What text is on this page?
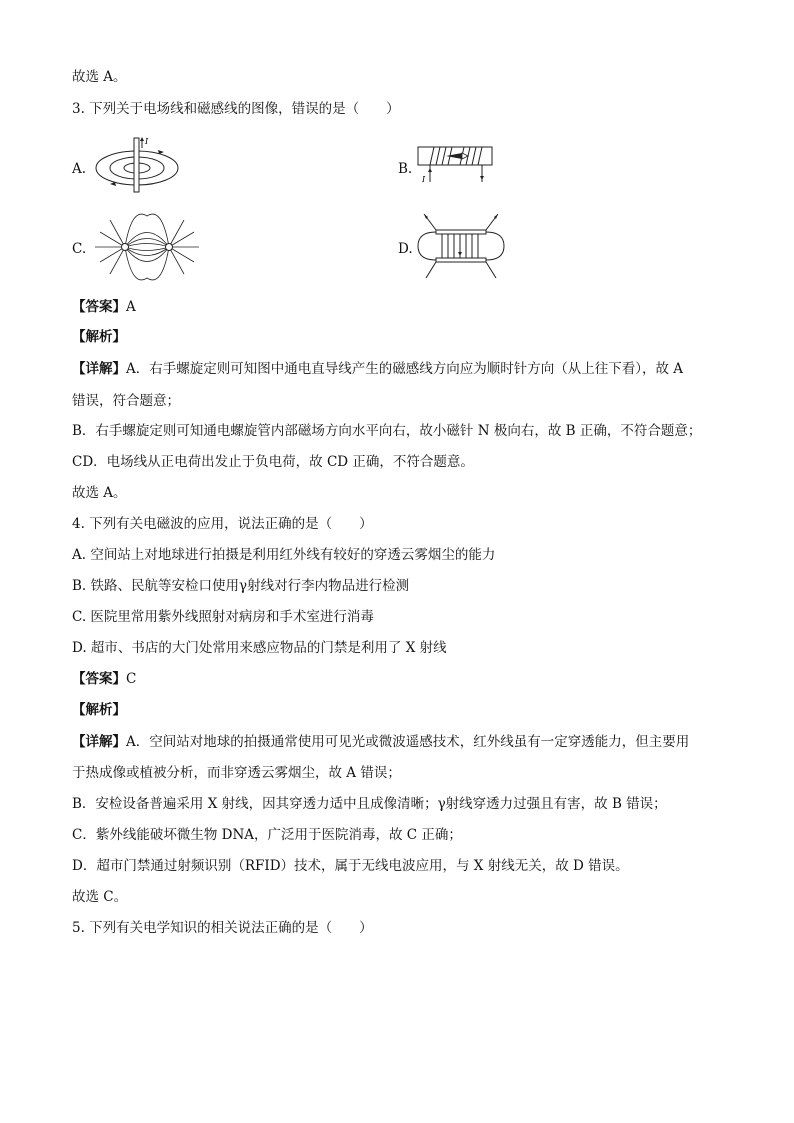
故选 A。
3. 下列关于电场线和磁感线的图像，错误的是（　　）
A.
I
B.
I
C.	D.
【答案】A
【解析】
【详解】A．右手螺旋定则可知图中通电直导线产生的磁感线方向应为顺时针方向（从上往下看），故 A
错误，符合题意；
B．右手螺旋定则可知通电螺旋管内部磁场方向水平向右，故小磁针 N 极向右，故 B 正确，不符合题意；
CD．电场线从正电荷出发止于负电荷，故 CD 正确，不符合题意。
故选 A。
4. 下列有关电磁波的应用，说法正确的是（　　）
A. 空间站上对地球进行拍摄是利用红外线有较好的穿透云雾烟尘的能力
B. 铁路、民航等安检口使用γ射线对行李内物品进行检测
C. 医院里常用紫外线照射对病房和手术室进行消毒
D. 超市、书店的大门处常用来感应物品的门禁是利用了 X 射线
【答案】C
【解析】
【详解】A．空间站对地球的拍摄通常使用可见光或微波遥感技术，红外线虽有一定穿透能力，但主要用
于热成像或植被分析，而非穿透云雾烟尘，故 A 错误；
B．安检设备普遍采用 X 射线，因其穿透力适中且成像清晰；γ射线穿透力过强且有害，故 B 错误；
C．紫外线能破坏微生物 DNA，广泛用于医院消毒，故 C 正确；
D．超市门禁通过射频识别（RFID）技术，属于无线电波应用，与 X 射线无关，故 D 错误。
故选 C。
5. 下列有关电学知识的相关说法正确的是（　　）
